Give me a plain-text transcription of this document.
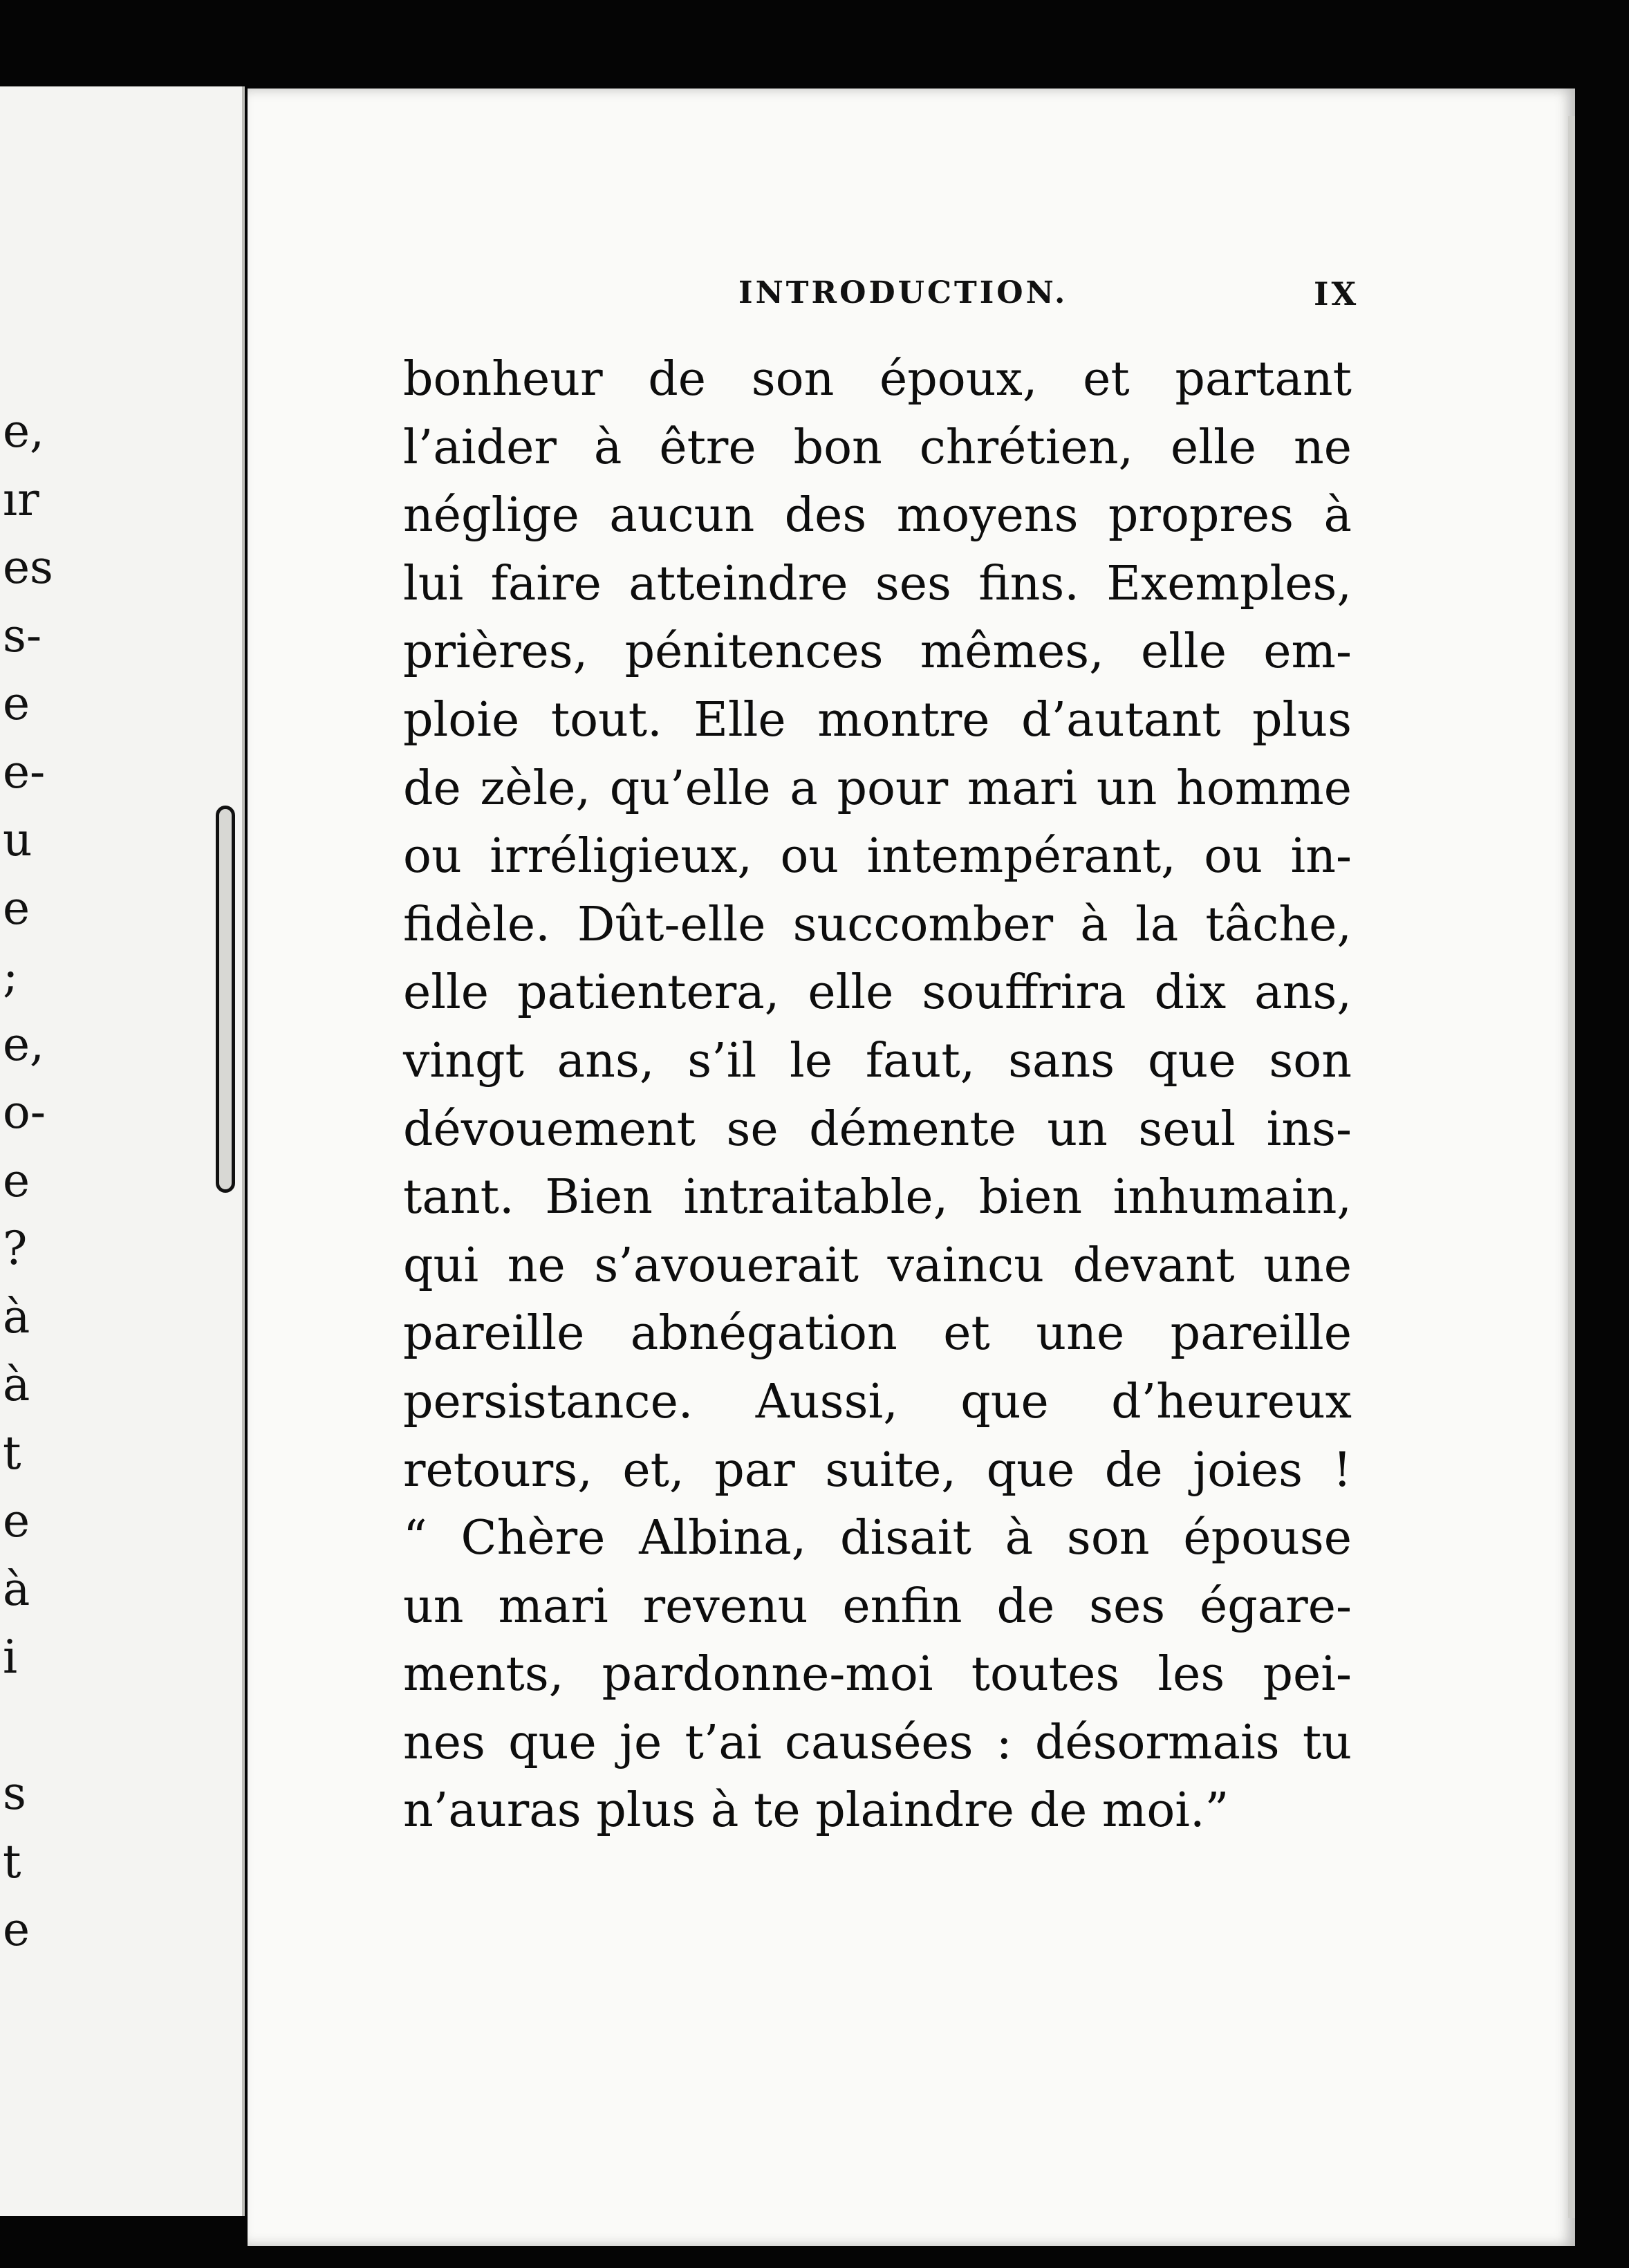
e,
ır
es
s-
e
e-
u
e
;
e,
o-
e
?
à
à
t
e
à
i

s
t
e
INTRODUCTION.	IX
bonheur de son époux, et partant
l’aider à être bon chrétien, elle ne
néglige aucun des moyens propres à
lui faire atteindre ses fins. Exemples,
prières, pénitences mêmes, elle em-
ploie tout. Elle montre d’autant plus
de zèle, qu’elle a pour mari un homme
ou irréligieux, ou intempérant, ou in-
fidèle. Dût-elle succomber à la tâche,
elle patientera, elle souffrira dix ans,
vingt ans, s’il le faut, sans que son
dévouement se démente un seul ins-
tant. Bien intraitable, bien inhumain,
qui ne s’avouerait vaincu devant une
pareille abnégation et une pareille
persistance. Aussi, que d’heureux
retours, et, par suite, que de joies !
“ Chère Albina, disait à son épouse
un mari revenu enfin de ses égare-
ments, pardonne-moi toutes les pei-
nes que je t’ai causées : désormais tu
n’auras plus à te plaindre de moi.”
